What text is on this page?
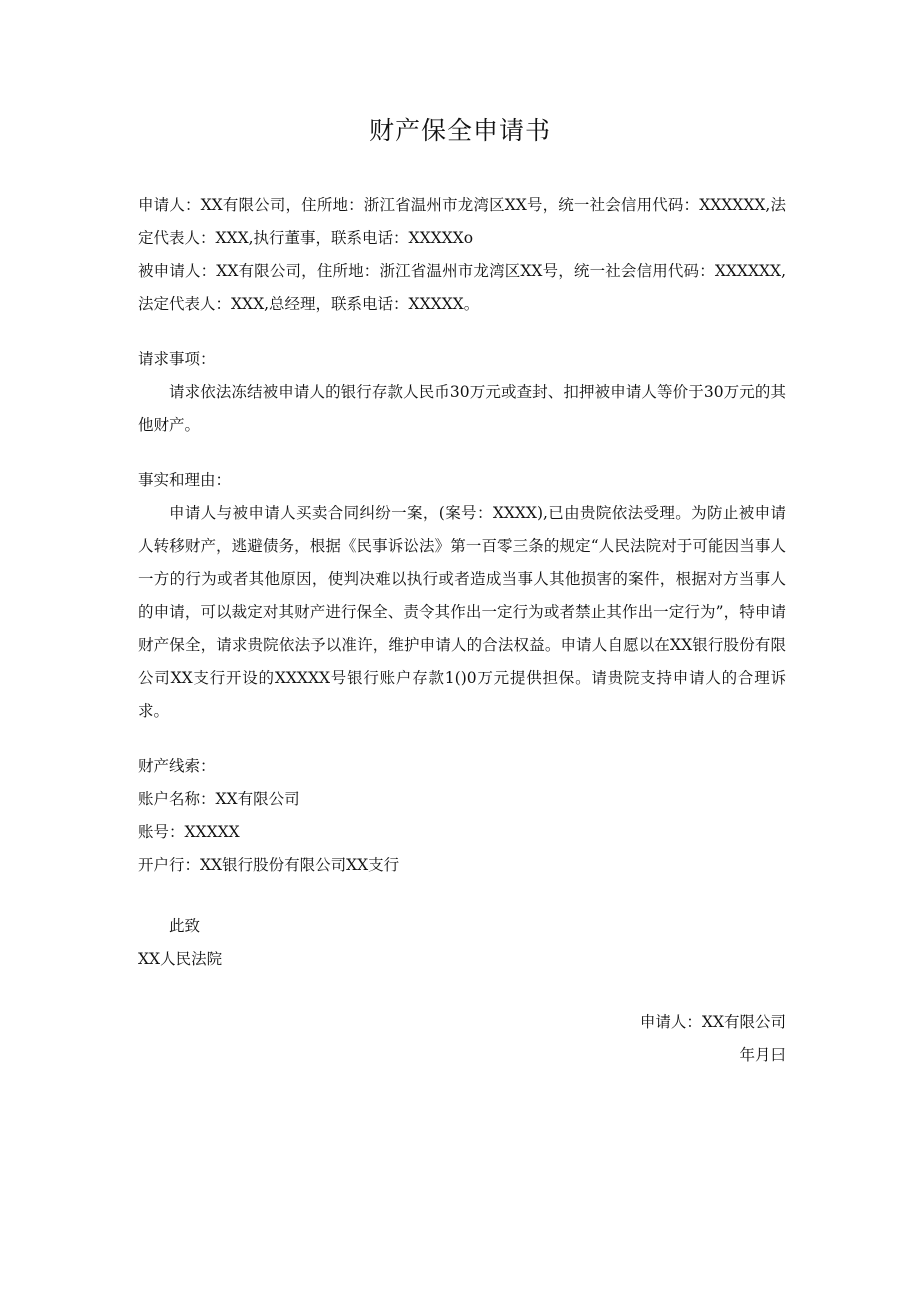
财产保全申请书

申请人：XX有限公司，住所地：浙江省温州市龙湾区XX号，统一社会信用代码：XXXXXX,法定代表人：XXX,执行董事，联系电话：XXXXXo

被申请人：XX有限公司，住所地：浙江省温州市龙湾区XX号，统一社会信用代码：XXXXXX,法定代表人：XXX,总经理，联系电话：XXXXX。

请求事项：

请求依法冻结被申请人的银行存款人民币30万元或查封、扣押被申请人等价于30万元的其他财产。

事实和理由：

申请人与被申请人买卖合同纠纷一案，(案号：XXXX),已由贵院依法受理。为防止被申请人转移财产，逃避债务，根据《民事诉讼法》第一百零三条的规定“人民法院对于可能因当事人一方的行为或者其他原因，使判决难以执行或者造成当事人其他损害的案件，根据对方当事人的申请，可以裁定对其财产进行保全、责令其作出一定行为或者禁止其作出一定行为”，特申请财产保全，请求贵院依法予以准许，维护申请人的合法权益。申请人自愿以在XX银行股份有限公司XX支行开设的XXXXX号银行账户存款1()0万元提供担保。请贵院支持申请人的合理诉求。

财产线索：

账户名称：XX有限公司

账号：XXXXX

开户行：XX银行股份有限公司XX支行

此致

XX人民法院

申请人：XX有限公司

年月曰
